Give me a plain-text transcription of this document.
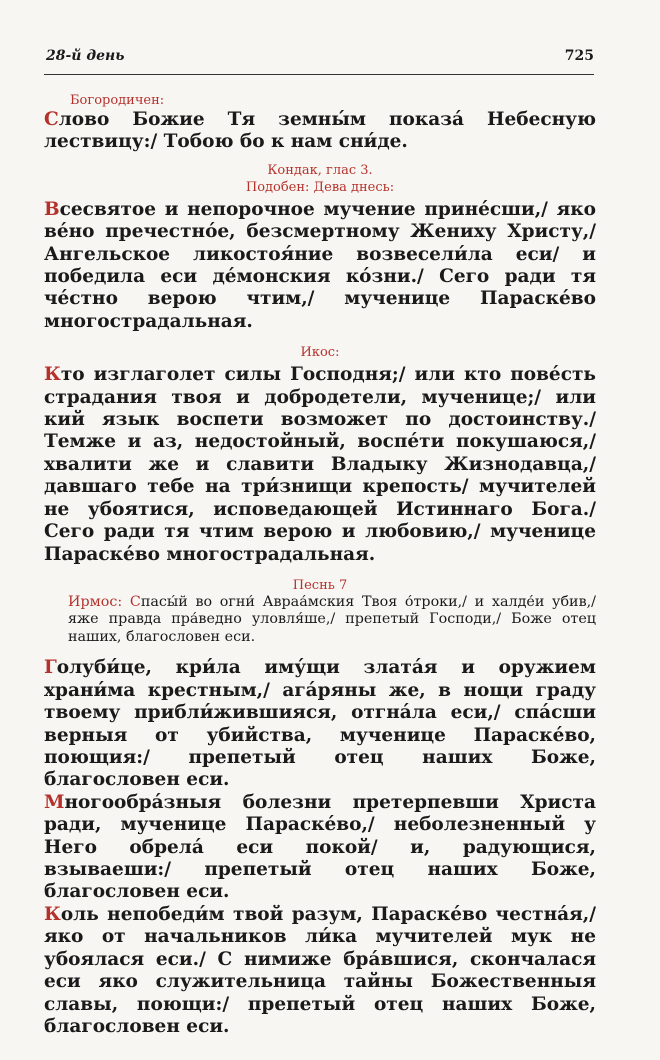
28-й день	725
Богородичен:

Слово Божие Тя земны́м показа́ Небесную лествицу:/ Тобою бо к нам сни́де.

Кондак, глас 3.
Подобен: Дева днесь:

Всесвятое и непорочное мучение прине́сши,/ яко ве́но пречестно́е, безсмертному Жениху Христу,/ Ангельское ликостоя́ние возвесели́ла еси/ и победила еси де́монския ко́зни./ Сего ради тя че́стно верою чтим,/ мученице Параске́во многострадальная.

Икос:

Кто изглаголет силы Господня;/ или кто пове́сть страдания твоя и добродетели, мученице;/ или кий язык воспети возможет по достоинству./ Темже и аз, недостойный, воспе́ти покушаюся,/ хвалити же и славити Владыку Жизнодавца,/ давшаго тебе на три́знищи крепость/ мучителей не убоятися, исповедающей Истиннаго Бога./ Сего ради тя чтим верою и любовию,/ мученице Параске́во многострадальная.

Песнь 7
Ирмос: Спасы́й во огни́ Авраа́мския Твоя о́троки,/ и халде́и убив,/ яже правда пра́ведно уловля́ше,/ препетый Господи,/ Боже отец наших, благословен еси.

Голуби́це, кри́ла иму́щи злата́я и оружием храни́ма крестным,/ ага́ряны же, в нощи граду твоему прибли́жившияся, отгна́ла еси,/ спа́сши верныя от убийства, мученице Параске́во, поющия:/ препетый отец наших Боже, благословен еси.

Многообра́зныя болезни претерпевши Христа ради, мученице Параске́во,/ неболезненный у Него обрела́ еси покой/ и, радующися, взываеши:/ препетый отец наших Боже, благословен еси.

Коль непобеди́м твой разум, Параске́во честна́я,/ яко от начальников ли́ка мучителей мук не убоялася еси./ С нимиже бра́вшися, скончалася еси яко служительница тайны Божественныя славы, поющи:/ препетый отец наших Боже, благословен еси.
